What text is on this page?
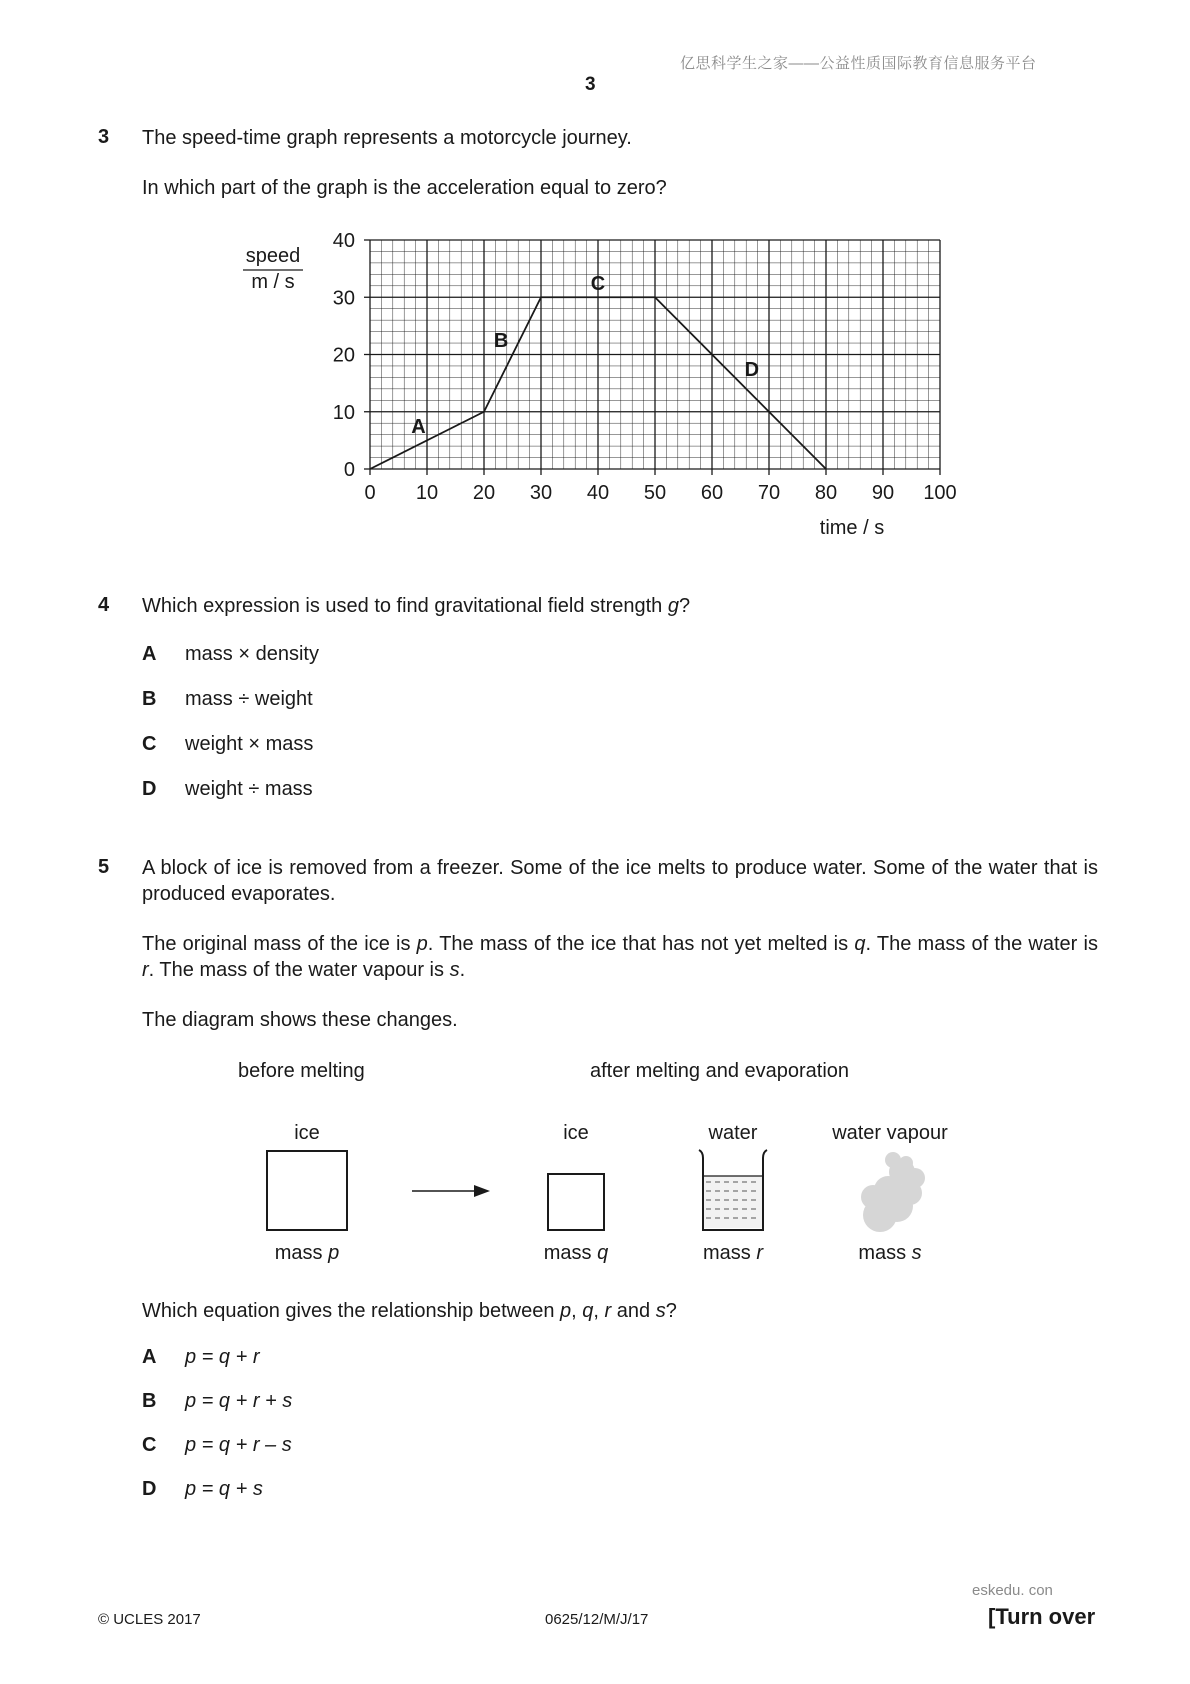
亿思科学生之家——公益性质国际教育信息服务平台
3
3 The speed-time graph represents a motorcycle journey.
In which part of the graph is the acceleration equal to zero?
0 10 20 30 40 50 60 70 80 90 100
0
10
20
30
40
A
B
C
D
speed
m / s
time / s
4 Which expression is used to find gravitational field strength g?
A mass × density
B mass ÷ weight
C weight × mass
D weight ÷ mass
5 A block of ice is removed from a freezer. Some of the ice melts to produce water. Some of the water that is produced evaporates.
The original mass of the ice is p. The mass of the ice that has not yet melted is q. The mass of the water is r. The mass of the water vapour is s.
The diagram shows these changes.
before melting	after melting and evaporation
ice	ice	water	water vapour
mass p	mass q	mass r	mass s
Which equation gives the relationship between p, q, r and s?
A p = q + r
B p = q + r + s
C p = q + r – s
D p = q + s
eskedu. con
© UCLES 2017	0625/12/M/J/17	[Turn over
